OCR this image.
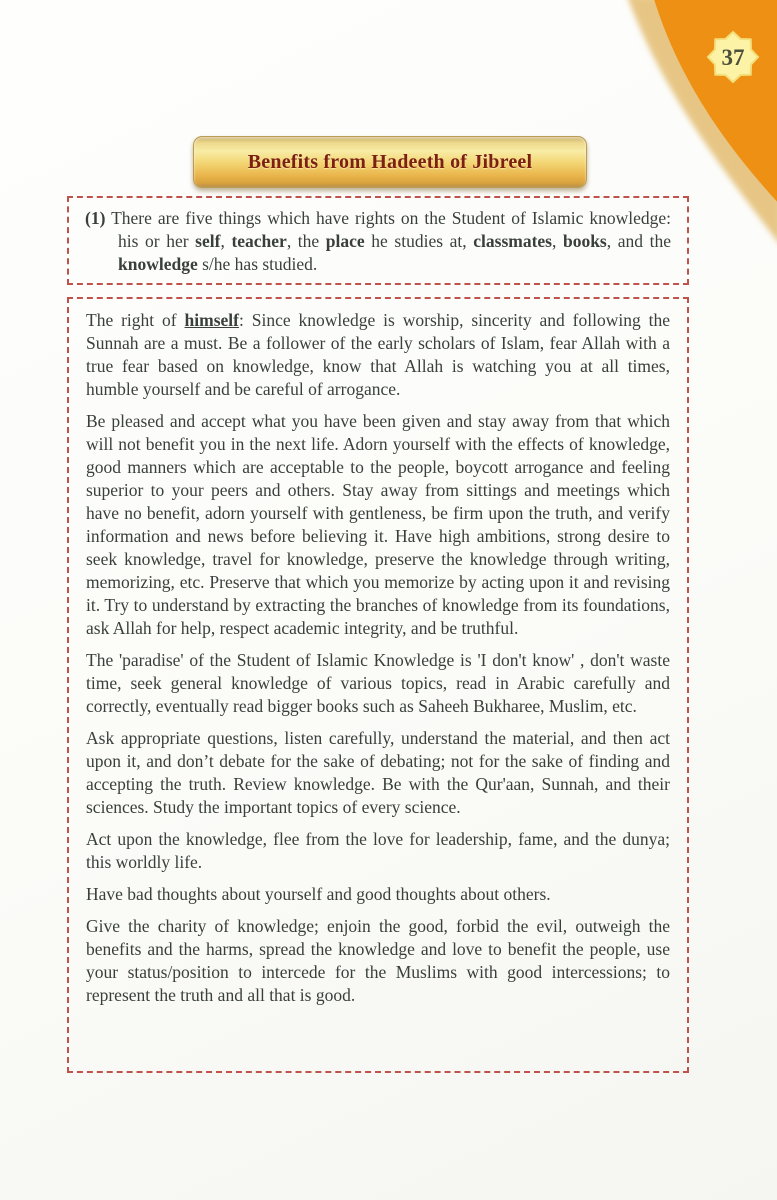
37
Benefits from Hadeeth of Jibreel

(1) There are five things which have rights on the Student of Islamic knowledge: his or her self, teacher, the place he studies at, classmates, books, and the knowledge s/he has studied.

The right of himself: Since knowledge is worship, sincerity and following the Sunnah are a must. Be a follower of the early scholars of Islam, fear Allah with a true fear based on knowledge, know that Allah is watching you at all times, humble yourself and be careful of arrogance.

Be pleased and accept what you have been given and stay away from that which will not benefit you in the next life. Adorn yourself with the effects of knowledge, good manners which are acceptable to the people, boycott arrogance and feeling superior to your peers and others. Stay away from sittings and meetings which have no benefit, adorn yourself with gentleness, be firm upon the truth, and verify information and news before believing it. Have high ambitions, strong desire to seek knowledge, travel for knowledge, preserve the knowledge through writing, memorizing, etc. Preserve that which you memorize by acting upon it and revising it. Try to understand by extracting the branches of knowledge from its foundations, ask Allah for help, respect academic integrity, and be truthful.

The 'paradise' of the Student of Islamic Knowledge is 'I don't know' , don't waste time, seek general knowledge of various topics, read in Arabic carefully and correctly, eventually read bigger books such as Saheeh Bukharee, Muslim, etc.

Ask appropriate questions, listen carefully, understand the material, and then act upon it, and don’t debate for the sake of debating; not for the sake of finding and accepting the truth. Review knowledge. Be with the Qur'aan, Sunnah, and their sciences. Study the important topics of every science.

Act upon the knowledge, flee from the love for leadership, fame, and the dunya; this worldly life.

Have bad thoughts about yourself and good thoughts about others.

Give the charity of knowledge; enjoin the good, forbid the evil, outweigh the benefits and the harms, spread the knowledge and love to benefit the people, use your status/position to intercede for the Muslims with good intercessions; to represent the truth and all that is good.
